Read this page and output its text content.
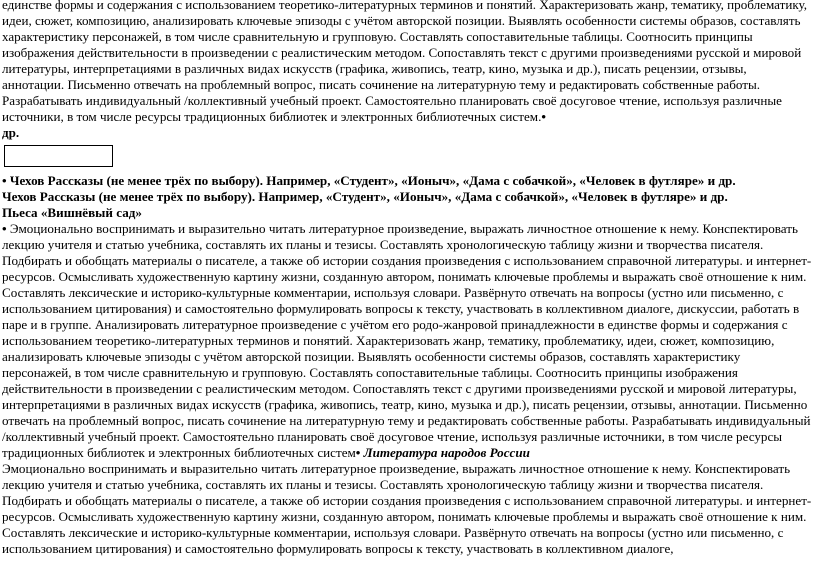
единстве формы и содержания с использованием теоретико-литературных терминов и понятий. Характеризовать жанр, тематику, проблематику, идеи, сюжет, композицию, анализировать ключевые эпизоды с учётом авторской позиции. Выявлять особенности системы образов, составлять характеристику персонажей, в том числе сравнительную и групповую. Составлять сопоставительные таблицы. Соотносить принципы изображения действительности в произведении с реалистическим методом. Сопоставлять текст с другими произведениями русской и мировой литературы, интерпретациями в различных видах искусств (графика, живопись, театр, кино, музыка и др.), писать рецензии, отзывы, аннотации. Письменно отвечать на проблемный вопрос, писать сочинение на литературную тему и редактировать собственные работы. Разрабатывать индивидуальный /коллективный учебный проект. Самостоятельно планировать своё досуговое чтение, используя различные источники, в том числе ресурсы традиционных библиотек и электронных библиотечных систем.•

др.

• Чехов Рассказы (не менее трёх по выбору). Например, «Студент», «Ионыч», «Дама с собачкой», «Человек в футляре» и др.

Чехов Рассказы (не менее трёх по выбору). Например, «Студент», «Ионыч», «Дама с собачкой», «Человек в футляре» и др.

Пьеса «Вишнёвый сад»

• Эмоционально воспринимать и выразительно читать литературное произведение, выражать личностное отношение к нему. Конспектировать лекцию учителя и статью учебника, составлять их планы и тезисы. Составлять хронологическую таблицу жизни и творчества писателя. Подбирать и обобщать материалы о писателе, а также об истории создания произведения с использованием справочной литературы. и интернет-ресурсов. Осмысливать художественную картину жизни, созданную автором, понимать ключевые проблемы и выражать своё отношение к ним. Составлять лексические и историко-культурные комментарии, используя словари. Развёрнуто отвечать на вопросы (устно или письменно, с использованием цитирования) и самостоятельно формулировать вопросы к тексту, участвовать в коллективном диалоге, дискуссии, работать в паре и в группе. Анализировать литературное произведение с учётом его родо-жанровой принадлежности в единстве формы и содержания с использованием теоретико-литературных терминов и понятий. Характеризовать жанр, тематику, проблематику, идеи, сюжет, композицию, анализировать ключевые эпизоды с учётом авторской позиции. Выявлять особенности системы образов, составлять характеристику персонажей, в том числе сравнительную и групповую. Составлять сопоставительные таблицы. Соотносить принципы изображения действительности в произведении с реалистическим методом. Сопоставлять текст с другими произведениями русской и мировой литературы, интерпретациями в различных видах искусств (графика, живопись, театр, кино, музыка и др.), писать рецензии, отзывы, аннотации. Письменно отвечать на проблемный вопрос, писать сочинение на литературную тему и редактировать собственные работы. Разрабатывать индивидуальный /коллективный учебный проект. Самостоятельно планировать своё досуговое чтение, используя различные источники, в том числе ресурсы традиционных библиотек и электронных библиотечных систем• Литература народов России

Эмоционально воспринимать и выразительно читать литературное произведение, выражать личностное отношение к нему. Конспектировать лекцию учителя и статью учебника, составлять их планы и тезисы. Составлять хронологическую таблицу жизни и творчества писателя. Подбирать и обобщать материалы о писателе, а также об истории создания произведения с использованием справочной литературы. и интернет-ресурсов. Осмысливать художественную картину жизни, созданную автором, понимать ключевые проблемы и выражать своё отношение к ним. Составлять лексические и историко-культурные комментарии, используя словари. Развёрнуто отвечать на вопросы (устно или письменно, с использованием цитирования) и самостоятельно формулировать вопросы к тексту, участвовать в коллективном диалоге,
